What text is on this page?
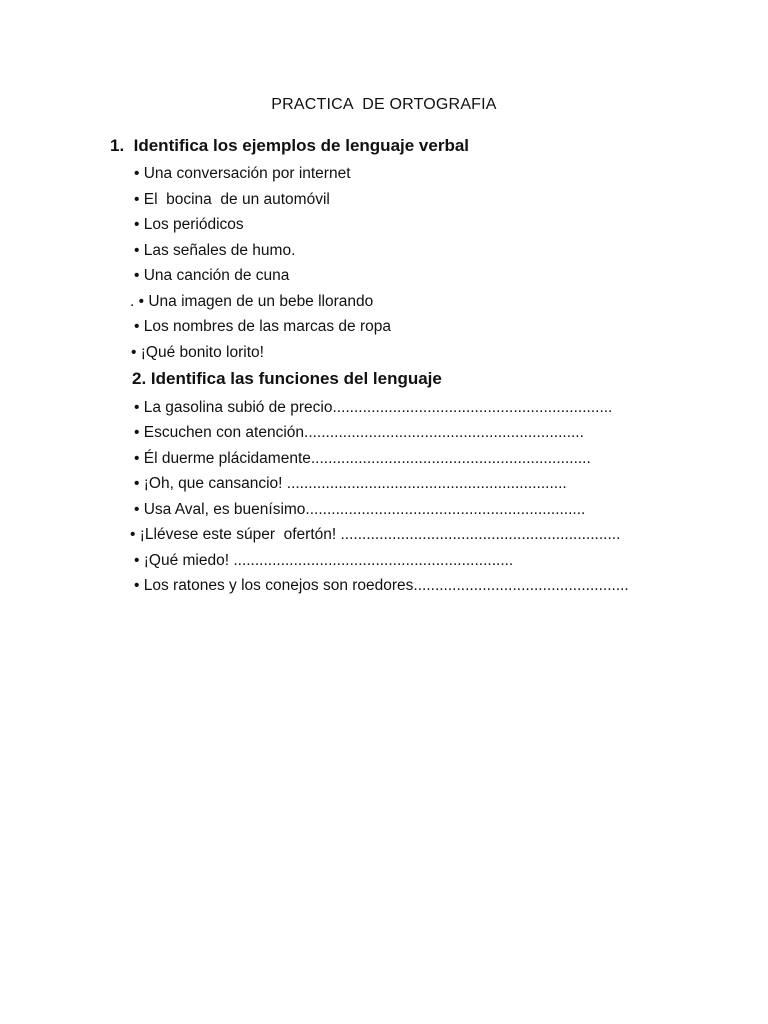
PRACTICA  DE ORTOGRAFIA
1.  Identifica los ejemplos de lenguaje verbal
• Una conversación por internet
• El  bocina  de un automóvil
• Los periódicos
• Las señales de humo.
• Una canción de cuna
. • Una imagen de un bebe llorando
• Los nombres de las marcas de ropa
• ¡Qué bonito lorito!
2. Identifica las funciones del lenguaje
• La gasolina subió de precio.................................................................
• Escuchen con atención.................................................................
• Él duerme plácidamente.................................................................
• ¡Oh, que cansancio! .................................................................
• Usa Aval, es buenísimo.................................................................
• ¡Llévese este súper  ofertón! .................................................................
• ¡Qué miedo! .................................................................
• Los ratones y los conejos son roedores..................................................
